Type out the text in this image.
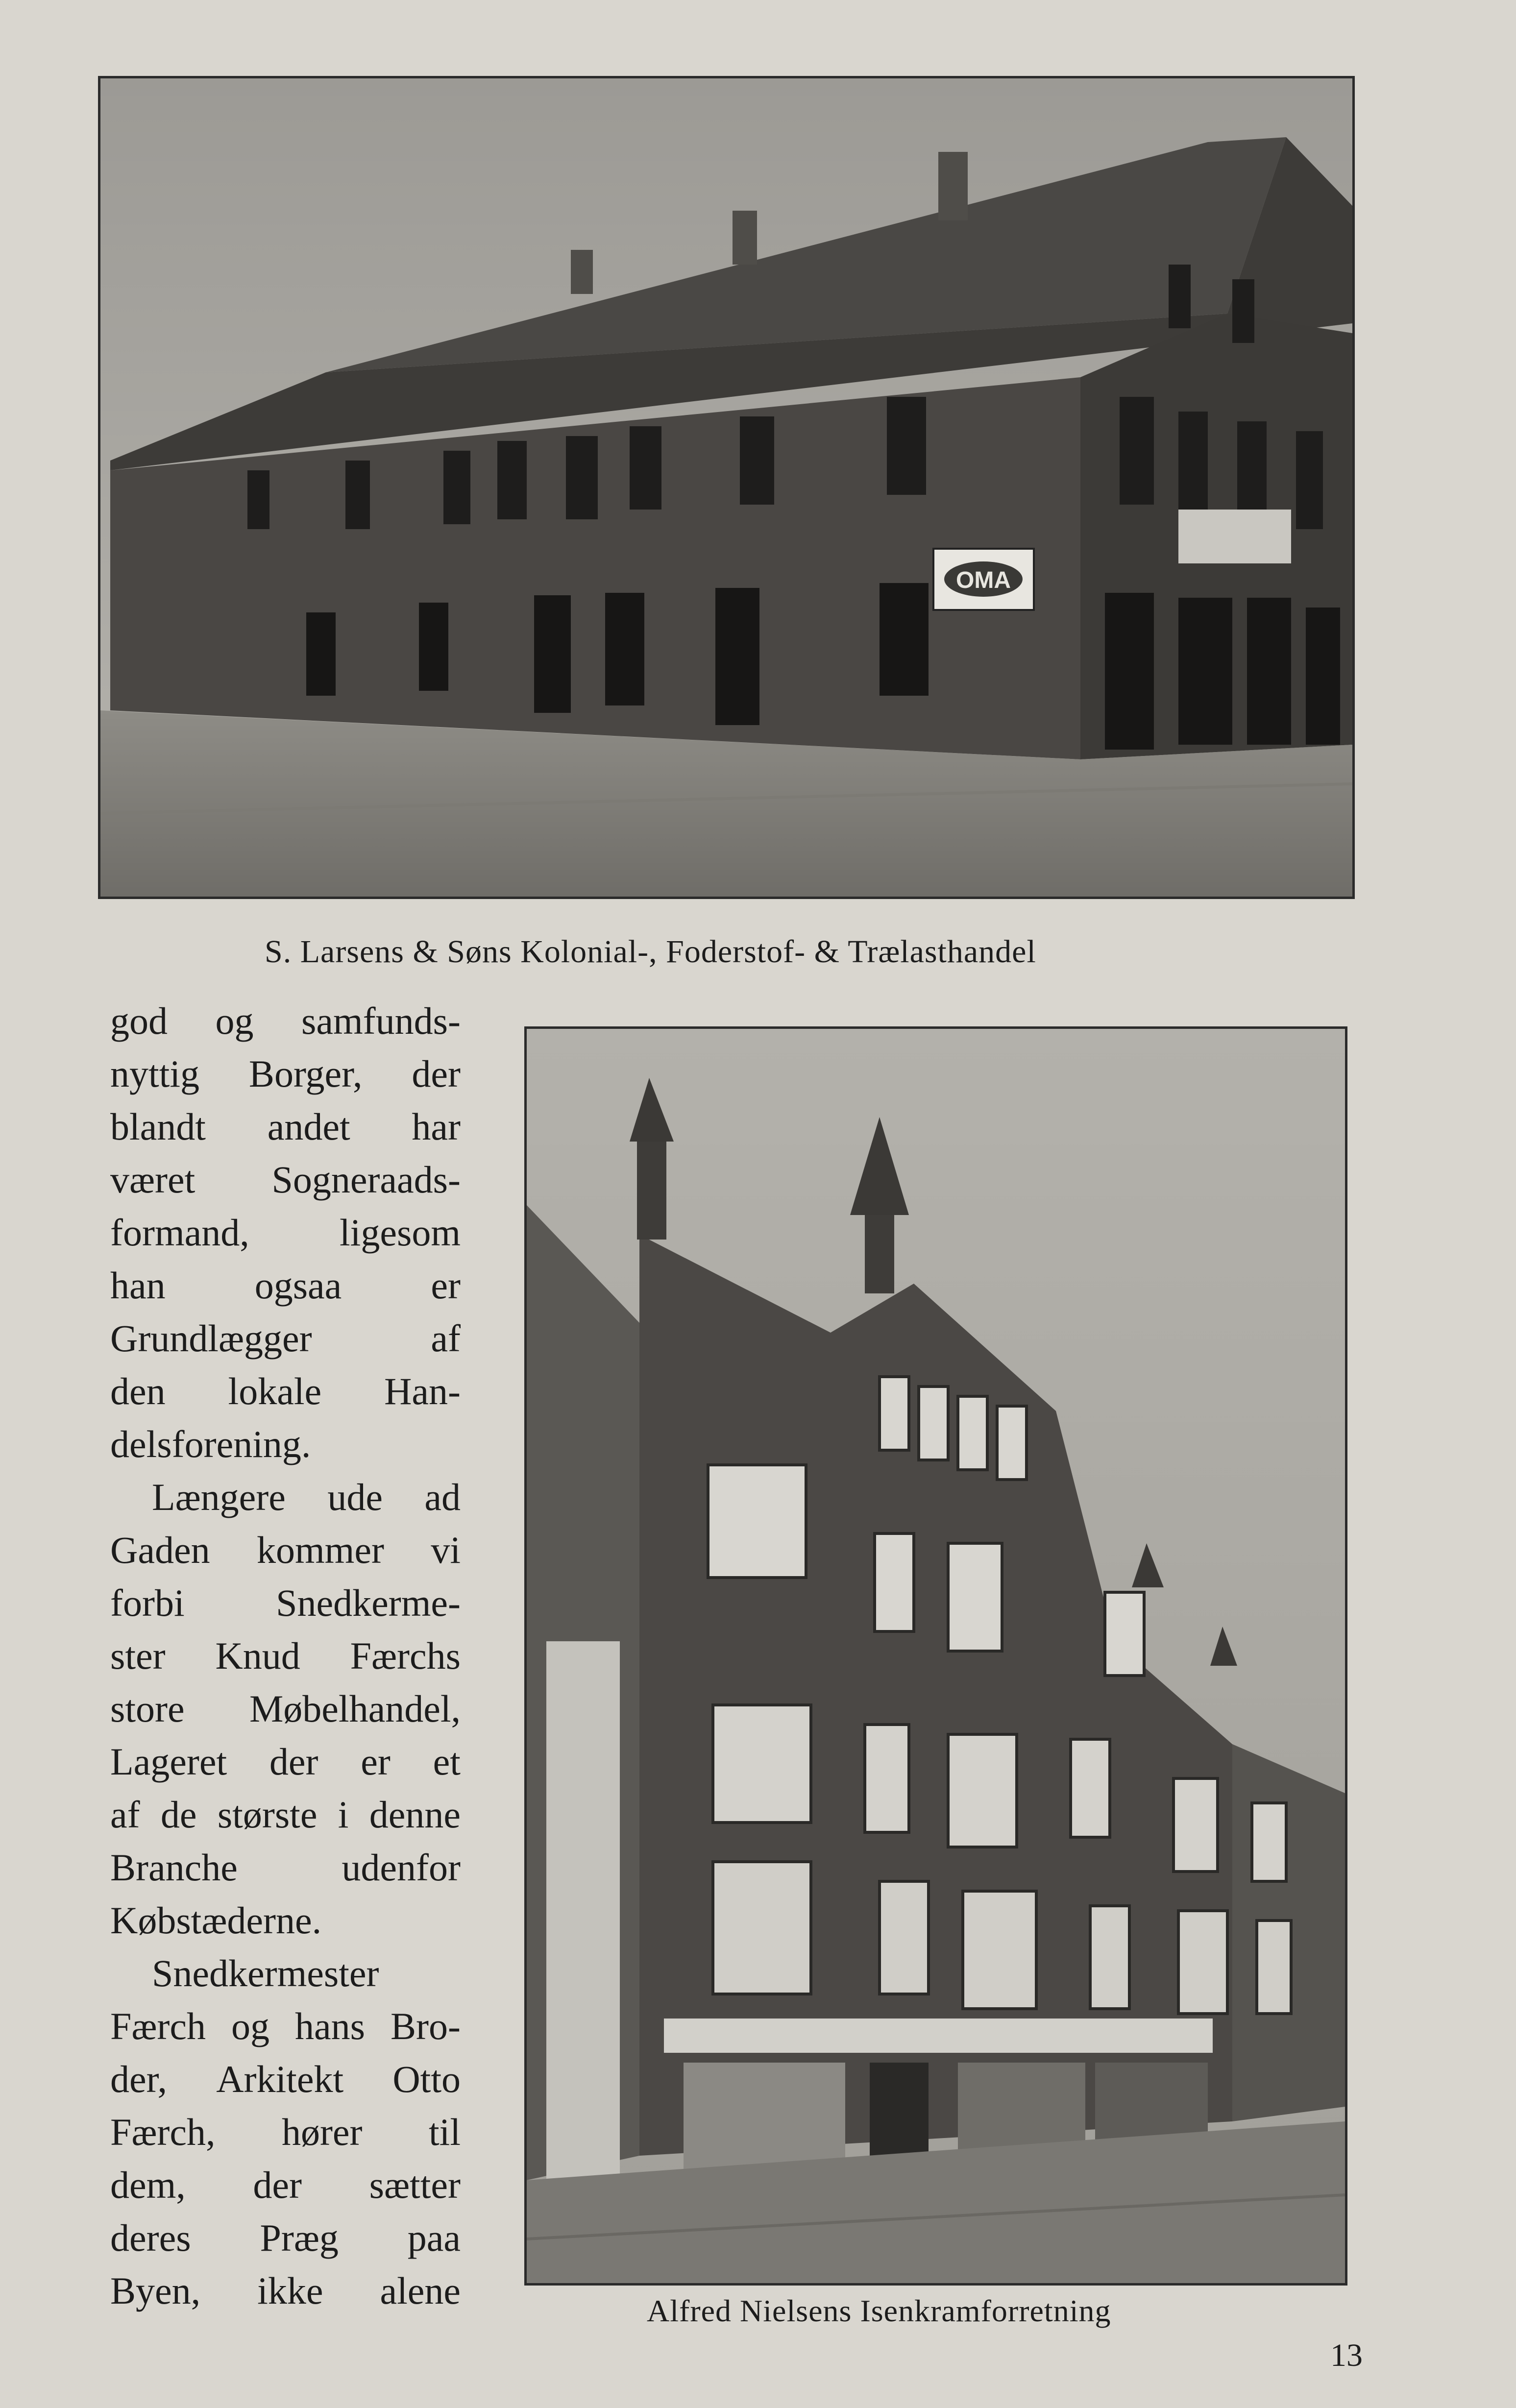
OMA
S. Larsens & Søns Kolonial-, Foderstof- & Trælasthandel
god og samfunds-
nyttig Borger, der
blandt andet har
været Sogneraads-
formand, ligesom
han ogsaa er
Grundlægger	af
den lokale Han-
delsforening.
Længere ude ad
Gaden kommer vi
forbi Snedkerme-
ster Knud Færchs
store Møbelhandel,
Lageret der er et
af de største i denne
Branche	udenfor
Købstæderne.
Snedkermester
Færch og hans Bro-
der, Arkitekt Otto
Færch, hører til
dem, der sætter
deres Præg paa
Byen, ikke alene	Alfred Nielsens Isenkramforretning
13
